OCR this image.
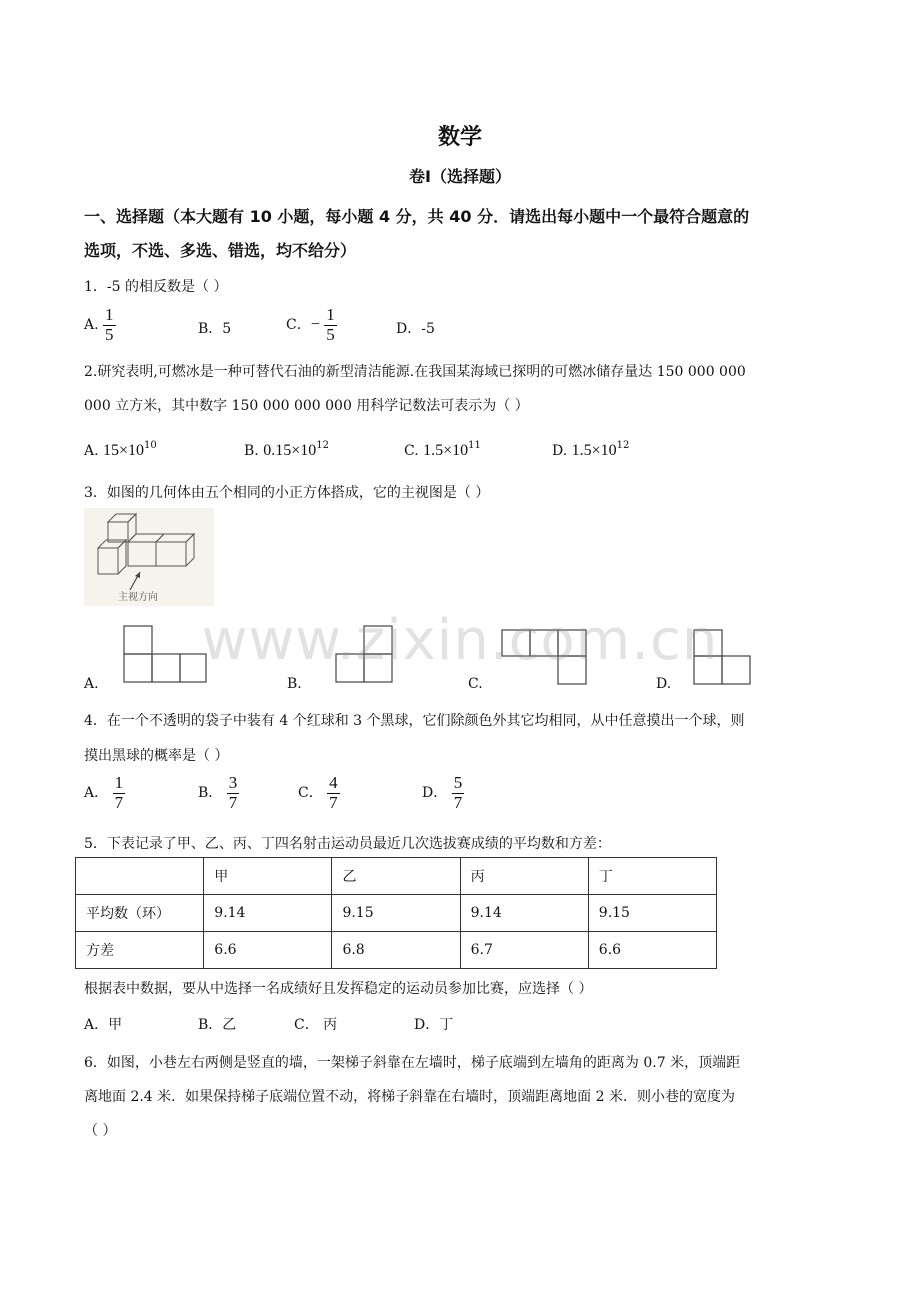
数学
卷Ⅰ（选择题）
一、选择题（本大题有 10 小题，每小题 4 分，共 40 分．请选出每小题中一个最符合题意的
选项，不选、多选、错选，均不给分）
1．-5 的相反数是（ ）
A. $\frac{1}{5}$	B．5	C．− $\frac{1}{5}$	D．-5
2.研究表明,可燃冰是一种可替代石油的新型清洁能源.在我国某海域已探明的可燃冰储存量达 150 000 000
000 立方米，其中数字 150 000 000 000 用科学记数法可表示为（ ）
A. $15\times 10^{10}$	B. $0.15\times 10^{12}$	C. $1.5\times 10^{11}$	D. $1.5\times 10^{12}$
3．如图的几何体由五个相同的小正方体搭成，它的主视图是（ ）
主视方向
A.	B.	C.	D.
www.zixin.com.cn
4．在一个不透明的袋子中装有 4 个红球和 3 个黑球，它们除颜色外其它均相同，从中任意摸出一个球，则
摸出黑球的概率是（ ）
A． $\frac{1}{7}$	B． $\frac{3}{7}$	C． $\frac{4}{7}$	D． $\frac{5}{7}$
5．下表记录了甲、乙、丙、丁四名射击运动员最近几次选拔赛成绩的平均数和方差：
	甲	乙	丙	丁
平均数（环）	9.14	9.15	9.14	9.15
方差	6.6	6.8	6.7	6.6
根据表中数据，要从中选择一名成绩好且发挥稳定的运动员参加比赛，应选择（ ）
A．甲	B．乙	C． 丙	D．丁
6．如图，小巷左右两侧是竖直的墙，一架梯子斜靠在左墙时，梯子底端到左墙角的距离为 0.7 米，顶端距
离地面 2.4 米．如果保持梯子底端位置不动，将梯子斜靠在右墙时，顶端距离地面 2 米．则小巷的宽度为
（ ）
